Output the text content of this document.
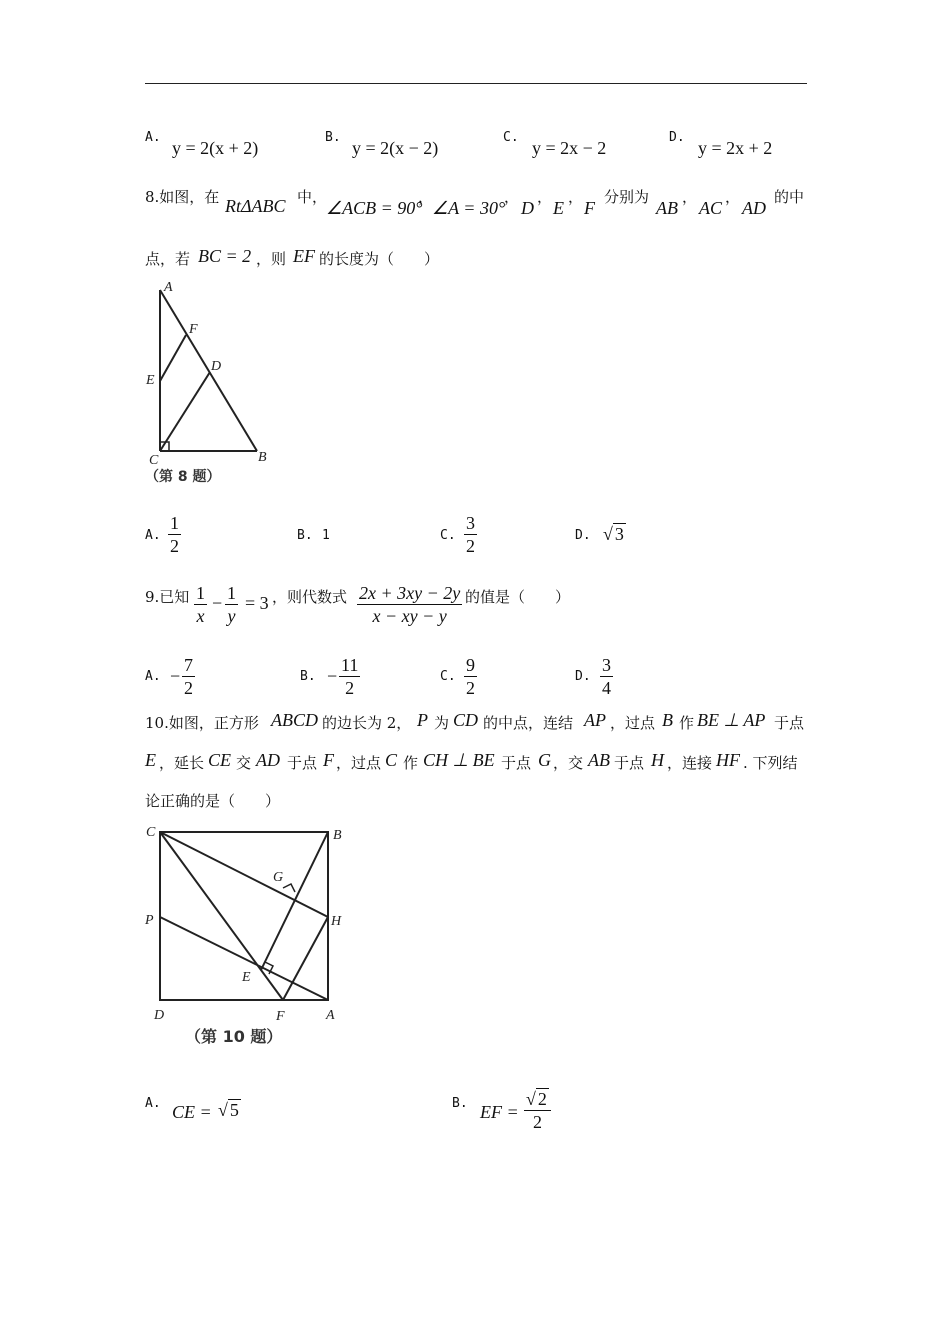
A.
y = 2(x + 2)
B.
y = 2(x − 2)
C.
y = 2x − 2
D.
y = 2x + 2
8.如图，在 RtΔABC 中，
∠ACB = 90°
，
∠A = 30°
，
D
，
E
，
F
分别为
AB
，
AC
，
AD
的中
点，若 BC = 2 ，则 EF 的长度为（　　）
A
F
D
E
C	B
（第 8 题）
A. $\frac{1}{2}$	B. 1	C. $\frac{3}{2}$	D. √ 3
9.已知 $\frac{1}{x} - \frac{1}{y} = 3$ ，则代数式 $\frac{2x + 3xy - 2y}{x - xy - y}$ 的值是（　　）
A. − $\frac{7}{2}$	B. − $\frac{11}{2}$	C. $\frac{9}{2}$	D. $\frac{3}{4}$
10.如图，正方形 ABCD 的边长为 2， P 为 CD 的中点，连结 AP ，过点 B 作 BE ⊥ AP 于点
E ，延长 CE 交 AD 于点 F ，过点 C 作 CH ⊥ BE 于点 G ，交 AB 于点 H ，连接 HF . 下列结
论正确的是（　　）
C	B
G
P	H
E
D	F	A
（第 10 题）
A. CE = √ 5	B. EF = $\frac{√ 2}{2}$
